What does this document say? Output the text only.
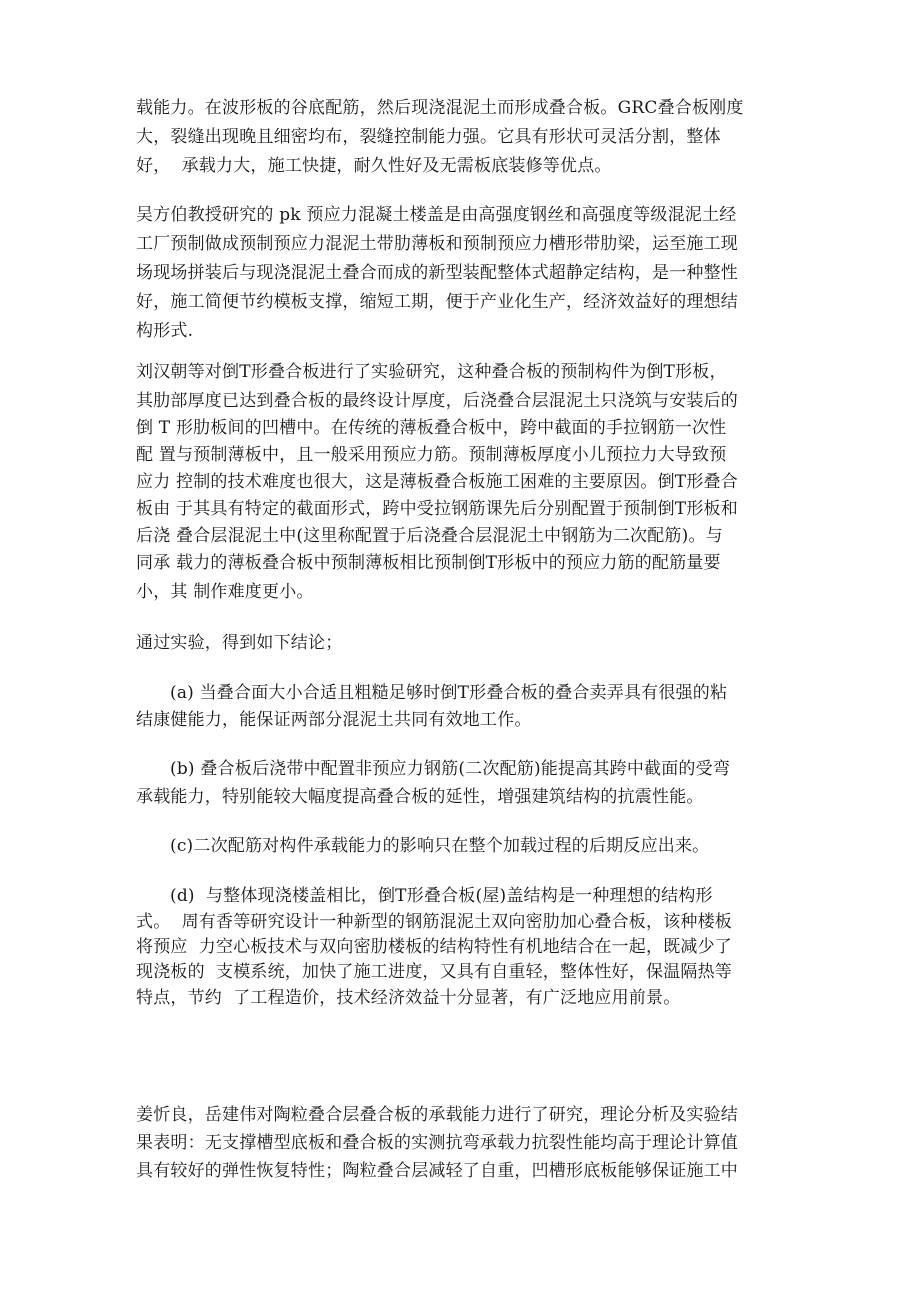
载能力。在波形板的谷底配筋，然后现浇混泥土而形成叠合板。GRC叠合板刚度
大，裂缝出现晚且细密均布，裂缝控制能力强。它具有形状可灵活分割，整体
好，  承载力大，施工快捷，耐久性好及无需板底装修等优点。
吴方伯教授研究的 pk 预应力混凝土楼盖是由高强度钢丝和高强度等级混泥土经
工厂预制做成预制预应力混泥土带肋薄板和预制预应力槽形带肋梁，运至施工现
场现场拼装后与现浇混泥土叠合而成的新型装配整体式超静定结构，是一种整性
好，施工简便节约模板支撑，缩短工期，便于产业化生产，经济效益好的理想结
构形式.
刘汉朝等对倒T形叠合板进行了实验研究，这种叠合板的预制构件为倒T形板，
其肋部厚度已达到叠合板的最终设计厚度，后浇叠合层混泥土只浇筑与安装后的
倒 T 形肋板间的凹槽中。在传统的薄板叠合板中，跨中截面的手拉钢筋一次性
配 置与预制薄板中，且一般采用预应力筋。预制薄板厚度小儿预拉力大导致预
应力 控制的技术难度也很大，这是薄板叠合板施工困难的主要原因。倒T形叠合
板由 于其具有特定的截面形式，跨中受拉钢筋课先后分别配置于预制倒T形板和
后浇 叠合层混泥土中(这里称配置于后浇叠合层混泥土中钢筋为二次配筋)。与
同承 载力的薄板叠合板中预制薄板相比预制倒T形板中的预应力筋的配筋量要
小，其 制作难度更小。
通过实验，得到如下结论；
(a) 当叠合面大小合适且粗糙足够时倒T形叠合板的叠合卖弄具有很强的粘
结康健能力，能保证两部分混泥土共同有效地工作。
(b) 叠合板后浇带中配置非预应力钢筋(二次配筋)能提高其跨中截面的受弯
承载能力，特别能较大幅度提高叠合板的延性，增强建筑结构的抗震性能。
(c)二次配筋对构件承载能力的影响只在整个加载过程的后期反应出来。
(d)  与整体现浇楼盖相比，倒T形叠合板(屋)盖结构是一种理想的结构形
式。  周有香等研究设计一种新型的钢筋混泥土双向密肋加心叠合板，该种楼板
将预应  力空心板技术与双向密肋楼板的结构特性有机地结合在一起，既减少了
现浇板的  支模系统，加快了施工进度，又具有自重轻，整体性好，保温隔热等
特点，节约  了工程造价，技术经济效益十分显著，有广泛地应用前景。
姜忻良，岳建伟对陶粒叠合层叠合板的承载能力进行了研究，理论分析及实验结
果表明：无支撑槽型底板和叠合板的实测抗弯承载力抗裂性能均高于理论计算值
具有较好的弹性恢复特性；陶粒叠合层减轻了自重，凹槽形底板能够保证施工中
